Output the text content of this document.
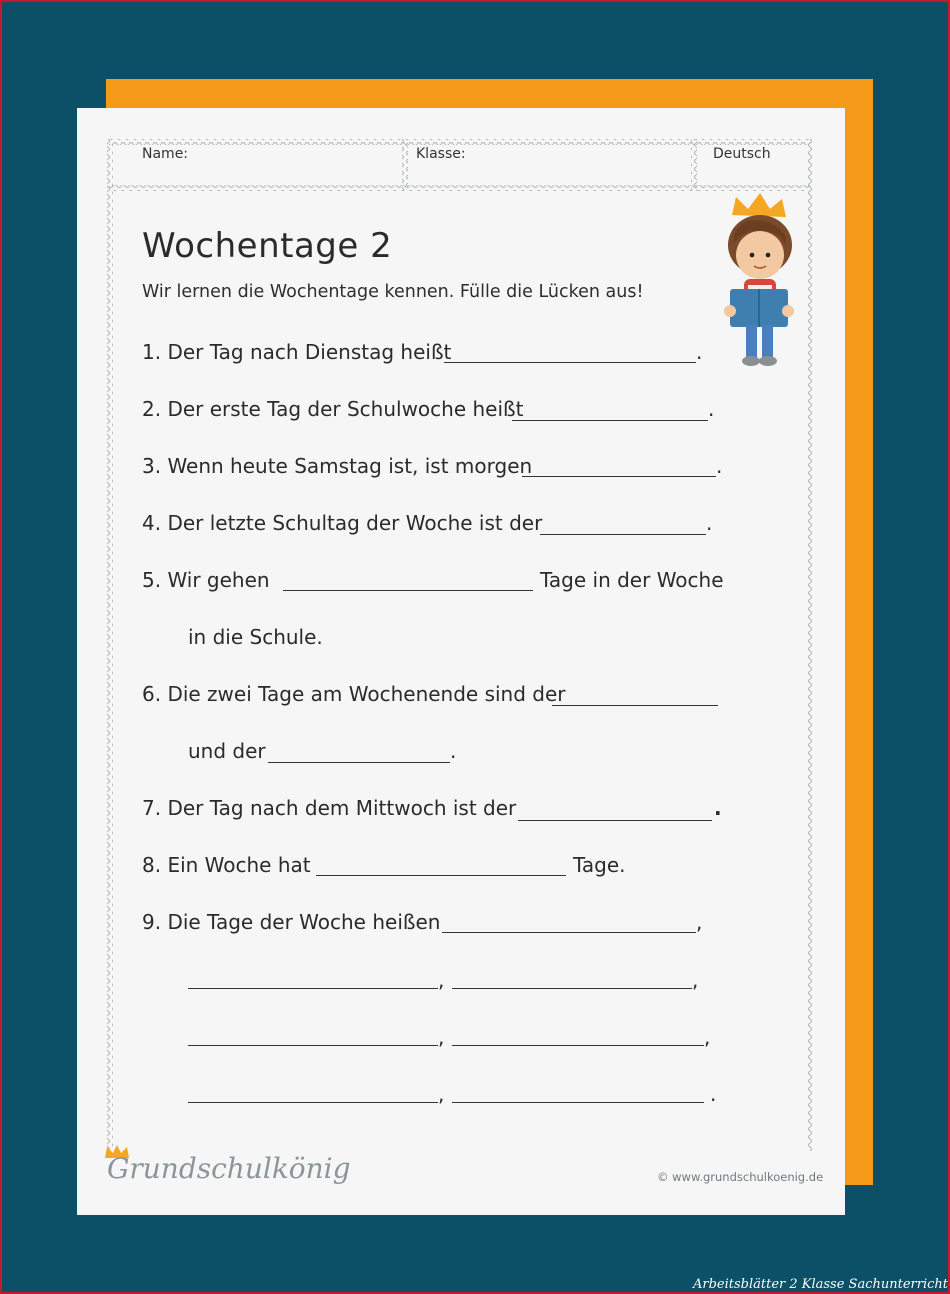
Name:	Klasse:	Deutsch
Wochentage 2
Wir lernen die Wochentage kennen. Fülle die Lücken aus!
1. Der Tag nach Dienstag heißt	.
2. Der erste Tag der Schulwoche heißt	.
3. Wenn heute Samstag ist, ist morgen	.
4. Der letzte Schultag der Woche ist der	.
5. Wir gehen	Tage in der Woche
in die Schule.
6. Die zwei Tage am Wochenende sind der
und der	.
7. Der Tag nach dem Mittwoch ist der	.
8. Ein Woche hat	Tage.
9. Die Tage der Woche heißen	,
,	,
,	,
,	.
Grundschulkönig	© www.grundschulkoenig.de
Arbeitsblätter 2 Klasse Sachunterricht
